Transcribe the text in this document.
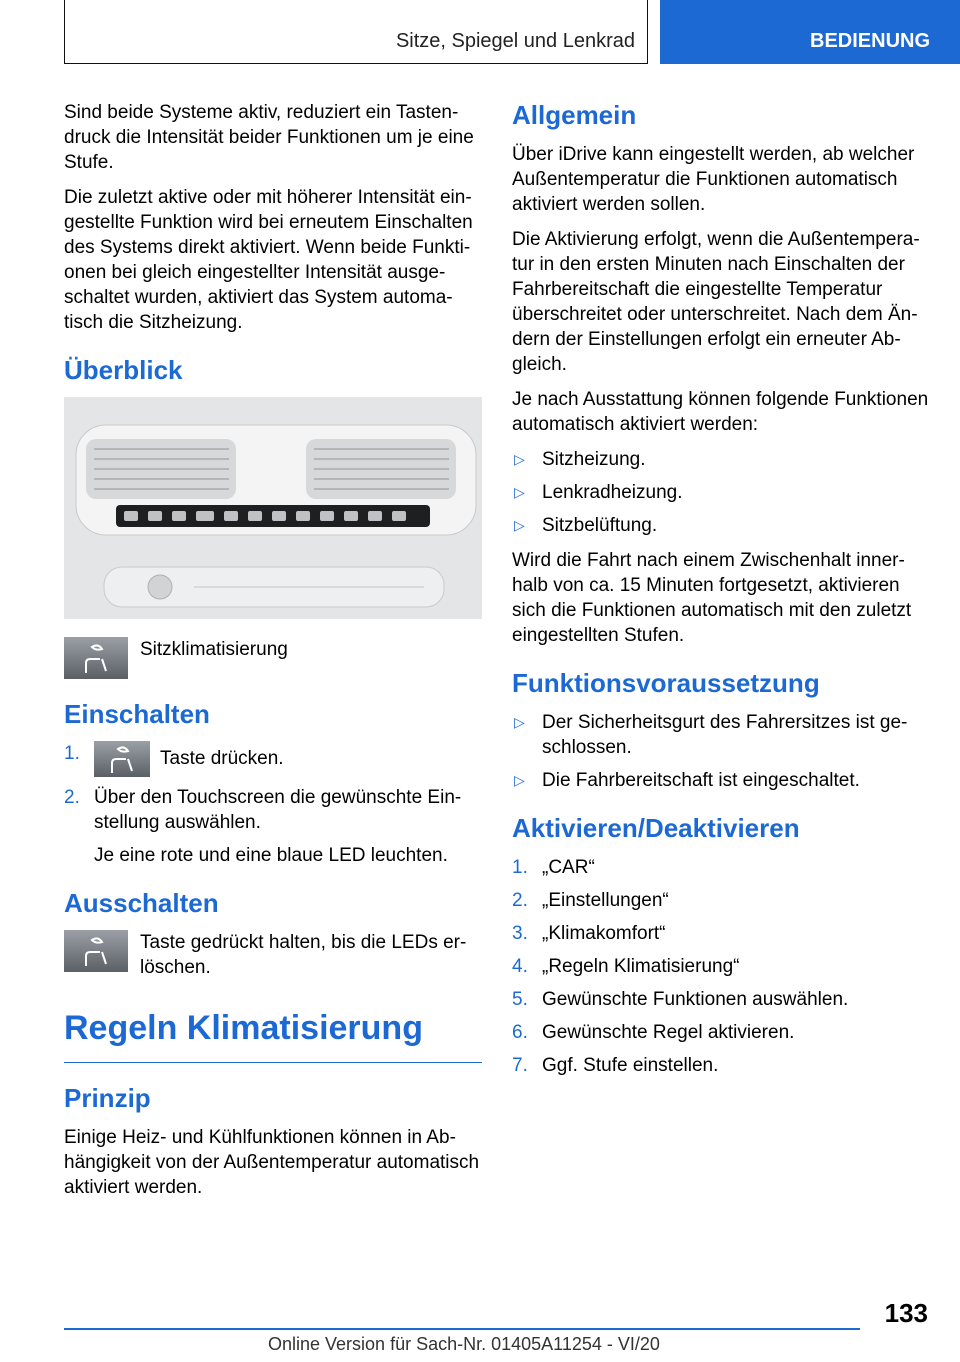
Sitze, Spiegel und Lenkrad	BEDIENUNG

Sind beide Systeme aktiv, reduziert ein Tastendruck die Intensität beider Funktionen um je eine Stufe.

Die zuletzt aktive oder mit höherer Intensität eingestellte Funktion wird bei erneutem Einschalten des Systems direkt aktiviert. Wenn beide Funktionen bei gleich eingestellter Intensität ausgeschaltet wurden, aktiviert das System automatisch die Sitzheizung.

Überblick

Sitzklimatisierung

Einschalten
1.	Taste drücken.
2. Über den Touchscreen die gewünschte Einstellung auswählen.
Je eine rote und eine blaue LED leuchten.
Ausschalten

Taste gedrückt halten, bis die LEDs erlöschen.

Regeln Klimatisierung
Prinzip

Einige Heiz- und Kühlfunktionen können in Abhängigkeit von der Außentemperatur automatisch aktiviert werden.

Allgemein

Über iDrive kann eingestellt werden, ab welcher Außentemperatur die Funktionen automatisch aktiviert werden sollen.

Die Aktivierung erfolgt, wenn die Außentemperatur in den ersten Minuten nach Einschalten der Fahrbereitschaft die eingestellte Temperatur überschreitet oder unterschreitet. Nach dem Ändern der Einstellungen erfolgt ein erneuter Abgleich.

Je nach Ausstattung können folgende Funktionen automatisch aktiviert werden:

▷ Sitzheizung.
▷ Lenkradheizung.
▷ Sitzbelüftung.

Wird die Fahrt nach einem Zwischenhalt innerhalb von ca. 15 Minuten fortgesetzt, aktivieren sich die Funktionen automatisch mit den zuletzt eingestellten Stufen.

Funktionsvoraussetzung
▷ Der Sicherheitsgurt des Fahrersitzes ist geschlossen.
▷ Die Fahrbereitschaft ist eingeschaltet.
Aktivieren/Deaktivieren
1. „CAR“
2. „Einstellungen“
3. „Klimakomfort“
4. „Regeln Klimatisierung“
5. Gewünschte Funktionen auswählen.
6. Gewünschte Regel aktivieren.
7. Ggf. Stufe einstellen.
133
Online Version für Sach-Nr. 01405A11254 - VI/20
